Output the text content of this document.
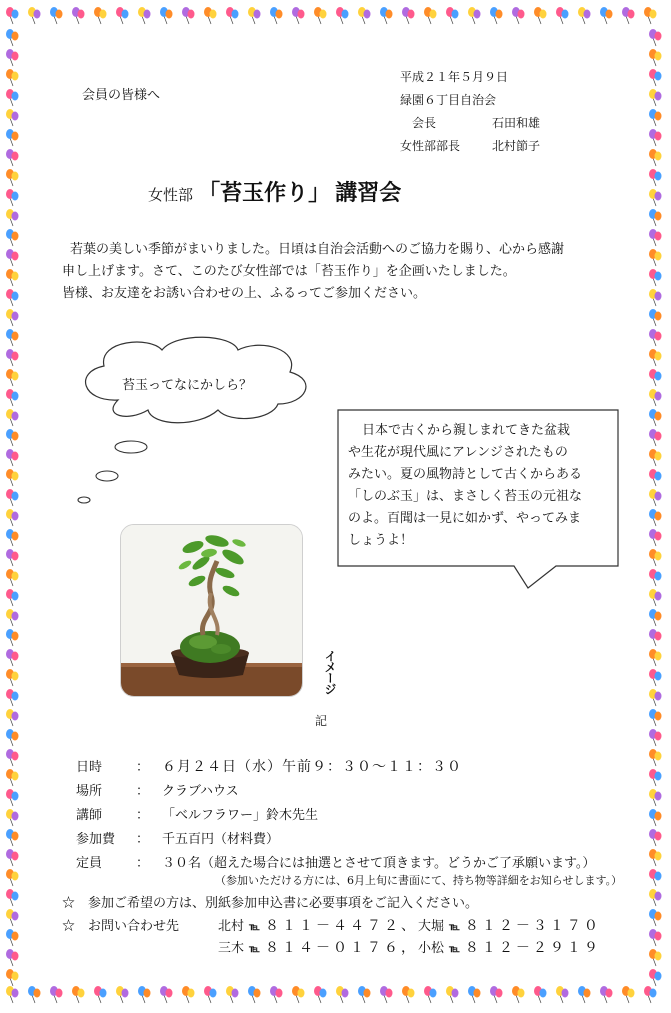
会員の皆様へ
平成２１年５月９日
緑園６丁目自治会
会長	石田和雄
女性部部長	北村節子
女性部 「苔玉作り」 講習会
若葉の美しい季節がまいりました。日頃は自治会活動へのご協力を賜り、心から感謝
申し上げます。さて、このたび女性部では「苔玉作り」を企画いたしました。
皆様、お友達をお誘い合わせの上、ふるってご参加ください。
苔玉ってなにかしら？
日本で古くから親しまれてきた盆栽
や生花が現代風にアレンジされたもの
みたい。夏の風物詩として古くからある
「しのぶ玉」は、まさしく苔玉の元祖な
のよ。百聞は一見に如かず、やってみま
しょうよ！
イメージ
記
日時	： ６月２４日（水）午前９：３０～１１：３０
場所	： クラブハウス
講師	： 「ベルフラワー」鈴木先生
参加費 ： 千五百円（材料費）
定員	： ３０名（超えた場合には抽選とさせて頂きます。どうかご了承願います。）
（参加いただける方には、6月上旬に書面にて、持ち物等詳細をお知らせします。）
☆　参加ご希望の方は、別紙参加申込書に必要事項をご記入ください。
☆　お問い合わせ先	北村 ℡ ８１１－４４７２、大堀 ℡ ８１２－３１７０
三木 ℡ ８１４－０１７６，小松 ℡ ８１２－２９１９
